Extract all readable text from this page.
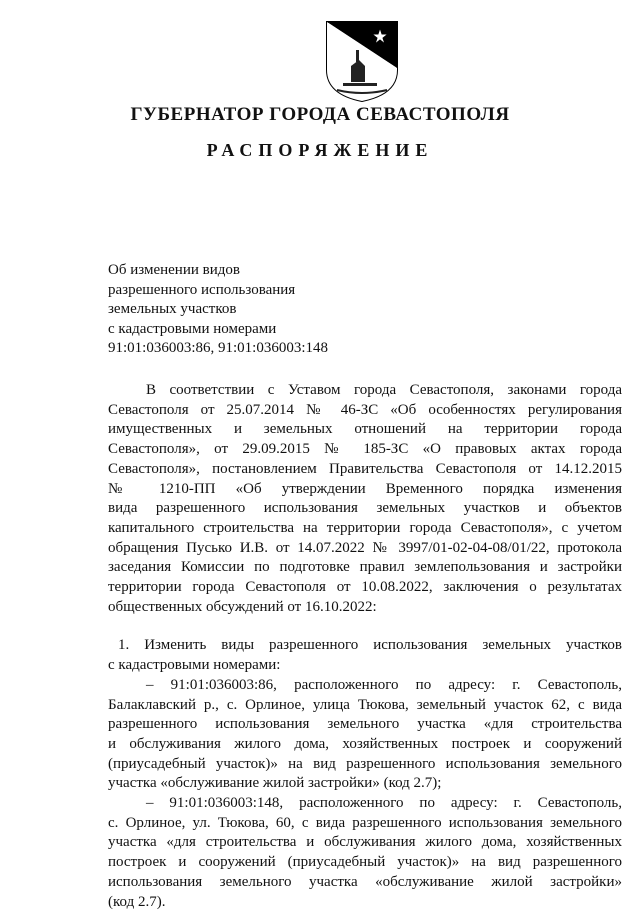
ГУБЕРНАТОР ГОРОДА СЕВАСТОПОЛЯ
РАСПОРЯЖЕНИЕ
Об изменении видов
разрешенного использования
земельных участков
с кадастровыми номерами
91:01:036003:86, 91:01:036003:148
В соответствии с Уставом города Севастополя, законами города
Севастополя от 25.07.2014 № 46-ЗС «Об особенностях регулирования
имущественных и земельных отношений на территории города
Севастополя», от 29.09.2015 № 185-ЗС «О правовых актах города
Севастополя», постановлением Правительства Севастополя от 14.12.2015
№ 1210-ПП «Об утверждении Временного порядка изменения
вида разрешенного использования земельных участков и объектов
капитального строительства на территории города Севастополя», с учетом
обращения Пусько И.В. от 14.07.2022 № 3997/01-02-04-08/01/22, протокола
заседания Комиссии по подготовке правил землепользования и застройки
территории города Севастополя от 10.08.2022, заключения о результатах
общественных обсуждений от 16.10.2022:
1. Изменить виды разрешенного использования земельных участков
с кадастровыми номерами:
– 91:01:036003:86, расположенного по адресу: г. Севастополь,
Балаклавский р., с. Орлиное, улица Тюкова, земельный участок 62, с вида
разрешенного использования земельного участка «для строительства
и обслуживания жилого дома, хозяйственных построек и сооружений
(приусадебный участок)» на вид разрешенного использования земельного
участка «обслуживание жилой застройки» (код 2.7);
– 91:01:036003:148, расположенного по адресу: г. Севастополь,
с. Орлиное, ул. Тюкова, 60, с вида разрешенного использования земельного
участка «для строительства и обслуживания жилого дома, хозяйственных
построек и сооружений (приусадебный участок)» на вид разрешенного
использования земельного участка «обслуживание жилой застройки»
(код 2.7).
